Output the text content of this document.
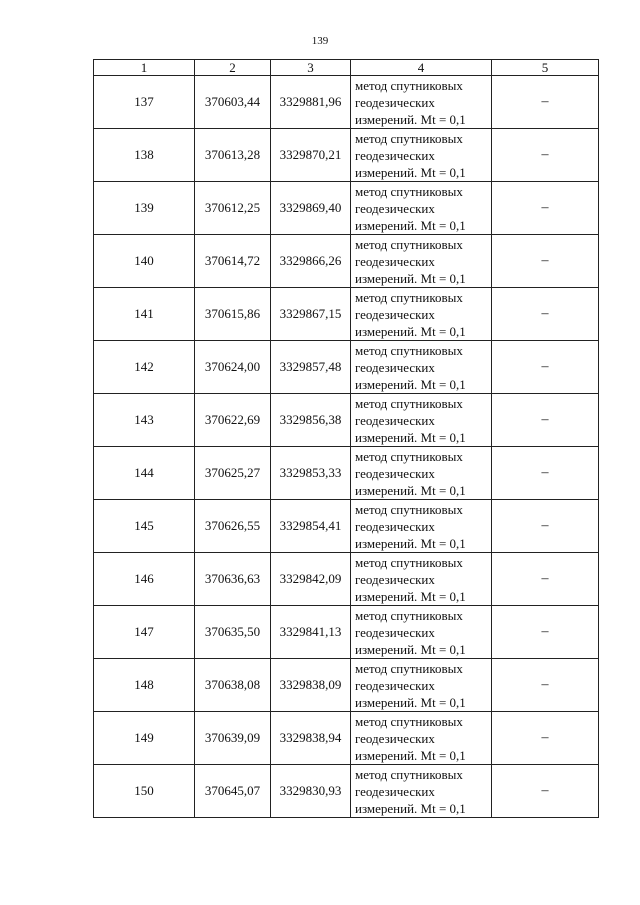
139
1	2	3	4	5
137	370603,44	3329881,96	метод спутниковых
геодезических
измерений. Mt = 0,1	–
138	370613,28	3329870,21	метод спутниковых
геодезических
измерений. Mt = 0,1	–
139	370612,25	3329869,40	метод спутниковых
геодезических
измерений. Mt = 0,1	–
140	370614,72	3329866,26	метод спутниковых
геодезических
измерений. Mt = 0,1	–
141	370615,86	3329867,15	метод спутниковых
геодезических
измерений. Mt = 0,1	–
142	370624,00	3329857,48	метод спутниковых
геодезических
измерений. Mt = 0,1	–
143	370622,69	3329856,38	метод спутниковых
геодезических
измерений. Mt = 0,1	–
144	370625,27	3329853,33	метод спутниковых
геодезических
измерений. Mt = 0,1	–
145	370626,55	3329854,41	метод спутниковых
геодезических
измерений. Mt = 0,1	–
146	370636,63	3329842,09	метод спутниковых
геодезических
измерений. Mt = 0,1	–
147	370635,50	3329841,13	метод спутниковых
геодезических
измерений. Mt = 0,1	–
148	370638,08	3329838,09	метод спутниковых
геодезических
измерений. Mt = 0,1	–
149	370639,09	3329838,94	метод спутниковых
геодезических
измерений. Mt = 0,1	–
150	370645,07	3329830,93	метод спутниковых
геодезических
измерений. Mt = 0,1	–
